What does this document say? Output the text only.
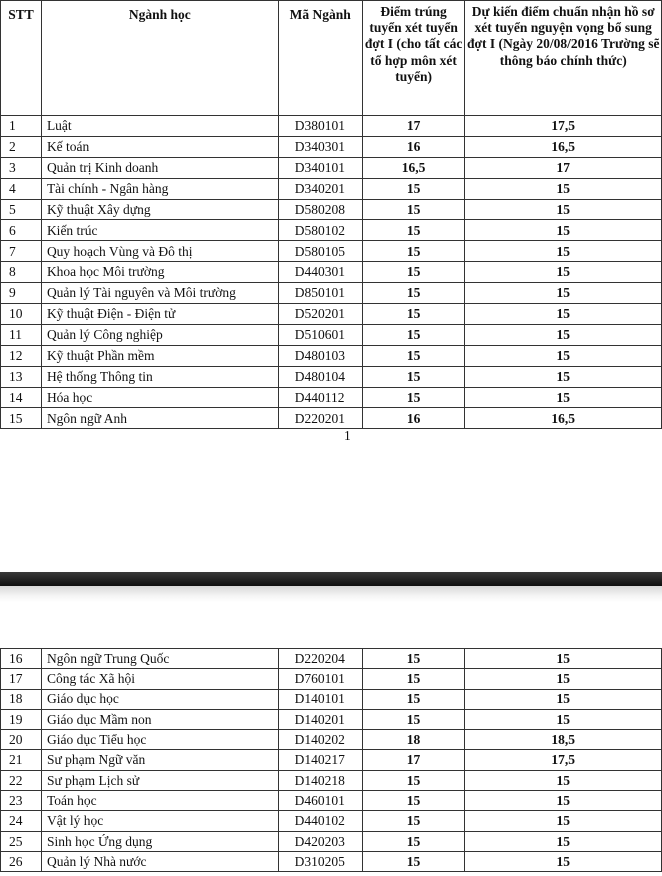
STT	Ngành học	Mã Ngành	Điểm trúng tuyển xét tuyển đợt I (cho tất các tổ hợp môn xét tuyển)	Dự kiến điểm chuẩn nhận hồ sơ xét tuyển nguyện vọng bổ sung đợt I (Ngày 20/08/2016 Trường sẽ thông báo chính thức)
1	Luật	D380101	17	17,5
2	Kế toán	D340301	16	16,5
3	Quản trị Kinh doanh	D340101	16,5	17
4	Tài chính - Ngân hàng	D340201	15	15
5	Kỹ thuật Xây dựng	D580208	15	15
6	Kiến trúc	D580102	15	15
7	Quy hoạch Vùng và Đô thị	D580105	15	15
8	Khoa học Môi trường	D440301	15	15
9	Quản lý Tài nguyên và Môi trường	D850101	15	15
10	Kỹ thuật Điện - Điện tử	D520201	15	15
11	Quản lý Công nghiệp	D510601	15	15
12	Kỹ thuật Phần mềm	D480103	15	15
13	Hệ thống Thông tin	D480104	15	15
14	Hóa học	D440112	15	15
15	Ngôn ngữ Anh	D220201	16	16,5
1
16	Ngôn ngữ Trung Quốc	D220204	15	15
17	Công tác Xã hội	D760101	15	15
18	Giáo dục học	D140101	15	15
19	Giáo dục Mầm non	D140201	15	15
20	Giáo dục Tiểu học	D140202	18	18,5
21	Sư phạm Ngữ văn	D140217	17	17,5
22	Sư phạm Lịch sử	D140218	15	15
23	Toán học	D460101	15	15
24	Vật lý học	D440102	15	15
25	Sinh học Ứng dụng	D420203	15	15
26	Quản lý Nhà nước	D310205	15	15
